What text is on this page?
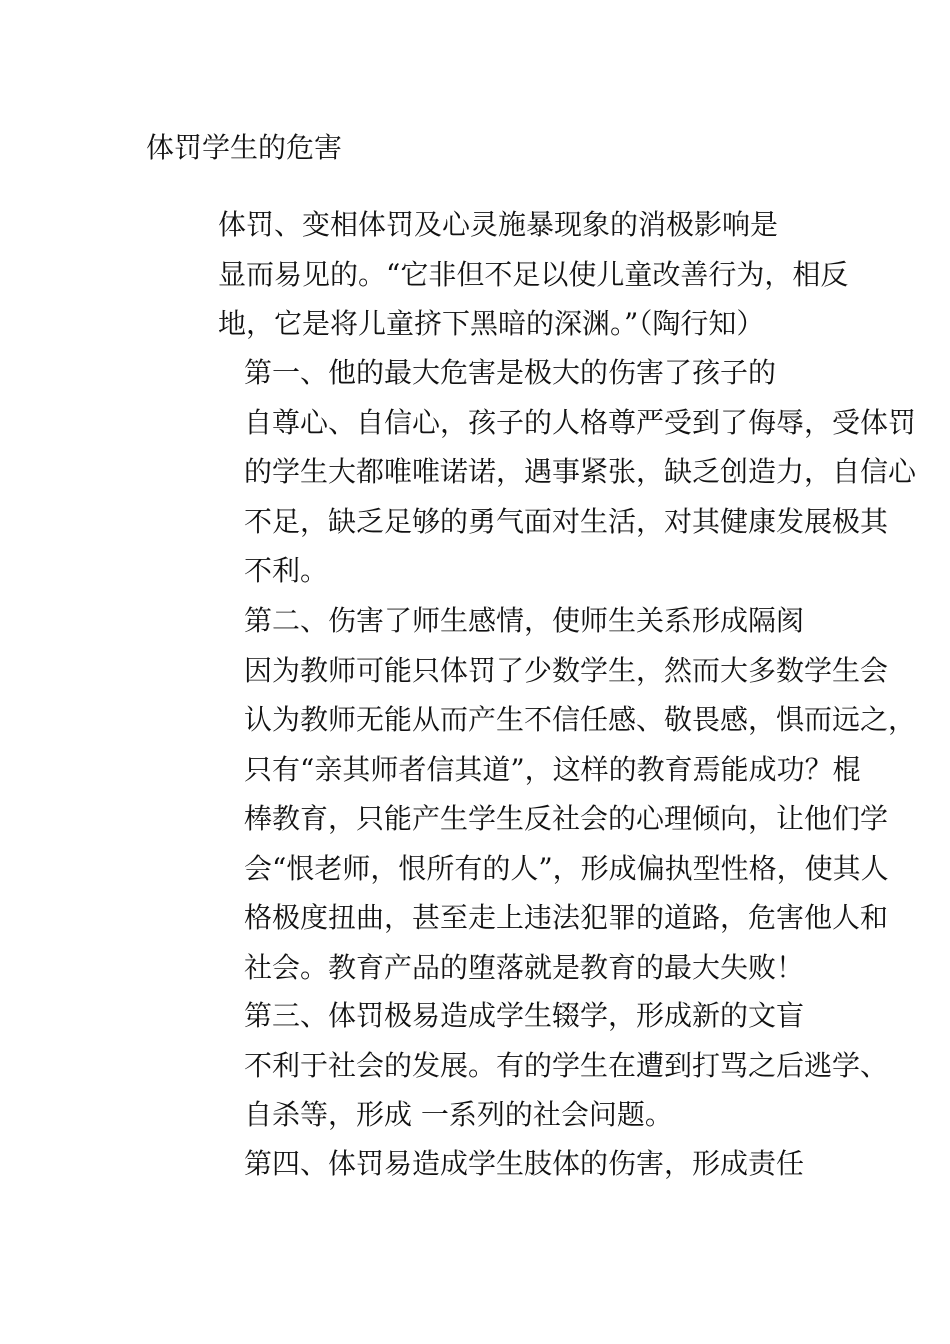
体罚学生的危害
体罚、变相体罚及心灵施暴现象的消极影响是
显而易见的。“它非但不足以使儿童改善行为，相反
地，它是将儿童挤下黑暗的深渊。”（陶行知）
第一、他的最大危害是极大的伤害了孩子的
自尊心、自信心，孩子的人格尊严受到了侮辱，受体罚
的学生大都唯唯诺诺，遇事紧张，缺乏创造力，自信心
不足，缺乏足够的勇气面对生活，对其健康发展极其
不利。
第二、伤害了师生感情，使师生关系形成隔阂
因为教师可能只体罚了少数学生，然而大多数学生会
认为教师无能从而产生不信任感、敬畏感，惧而远之，
只有“亲其师者信其道”，这样的教育焉能成功？棍
棒教育，只能产生学生反社会的心理倾向，让他们学
会“恨老师，恨所有的人”，形成偏执型性格，使其人
格极度扭曲，甚至走上违法犯罪的道路，危害他人和
社会。教育产品的堕落就是教育的最大失败！
第三、体罚极易造成学生辍学，形成新的文盲
不利于社会的发展。有的学生在遭到打骂之后逃学、
自杀等，形成 一系列的社会问题。
第四、体罚易造成学生肢体的伤害，形成责任
